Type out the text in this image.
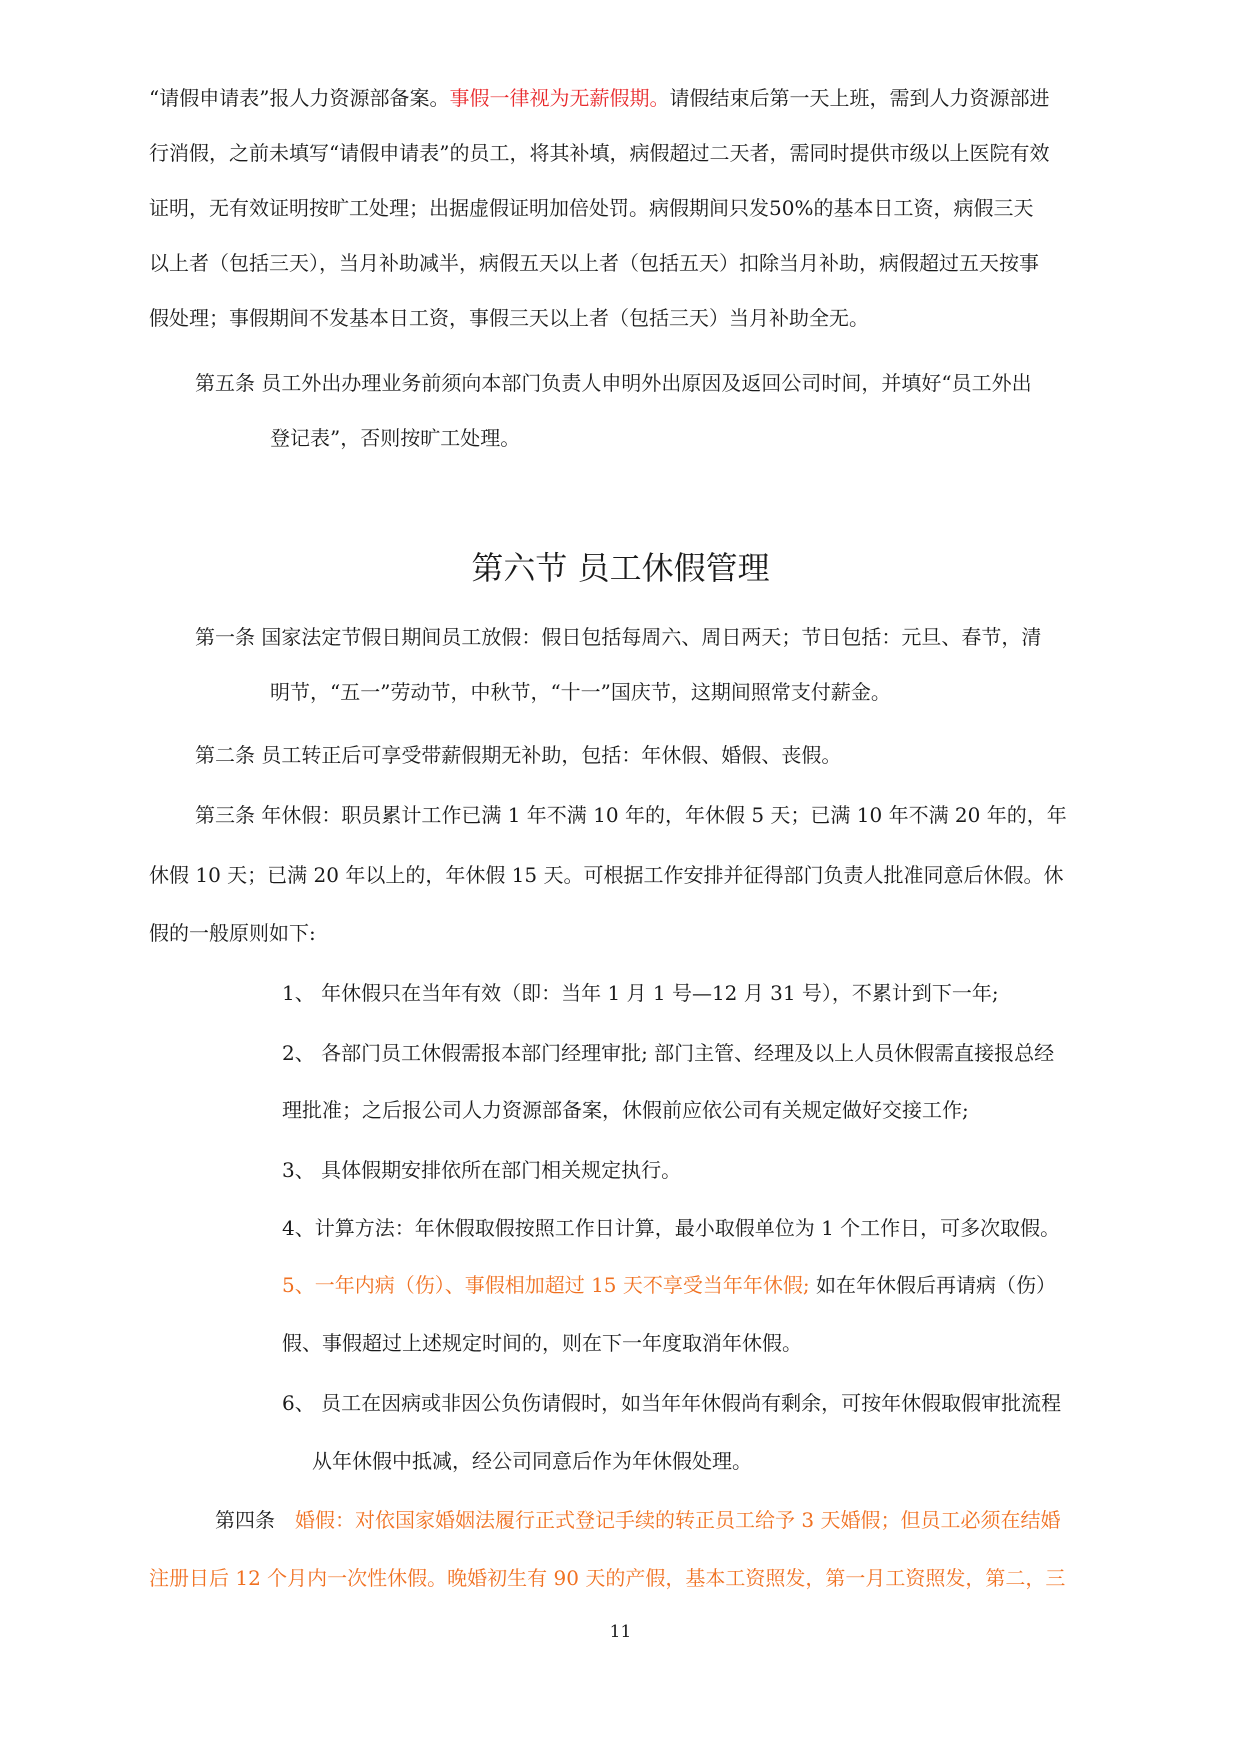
“请假申请表”报人力资源部备案。事假一律视为无薪假期。请假结束后第一天上班，需到人力资源部进
行消假，之前未填写“请假申请表”的员工，将其补填，病假超过二天者，需同时提供市级以上医院有效
证明，无有效证明按旷工处理；出据虚假证明加倍处罚。病假期间只发50%的基本日工资，病假三天
以上者（包括三天），当月补助减半，病假五天以上者（包括五天）扣除当月补助，病假超过五天按事
假处理；事假期间不发基本日工资，事假三天以上者（包括三天）当月补助全无。
第五条 员工外出办理业务前须向本部门负责人申明外出原因及返回公司时间，并填好“员工外出
登记表”，否则按旷工处理。
第六节 员工休假管理
第一条 国家法定节假日期间员工放假：假日包括每周六、周日两天；节日包括：元旦、春节，清
明节，“五一”劳动节，中秋节，“十一”国庆节，这期间照常支付薪金。
第二条 员工转正后可享受带薪假期无补助，包括：年休假、婚假、丧假。
第三条 年休假：职员累计工作已满 1 年不满 10 年的，年休假 5 天；已满 10 年不满 20 年的，年
休假 10 天；已满 20 年以上的，年休假 15 天。可根据工作安排并征得部门负责人批准同意后休假。休
假的一般原则如下:
1、 年休假只在当年有效（即：当年 1 月 1 号—12 月 31 号），不累计到下一年;
2、 各部门员工休假需报本部门经理审批; 部门主管、经理及以上人员休假需直接报总经
理批准；之后报公司人力资源部备案，休假前应依公司有关规定做好交接工作;
3、 具体假期安排依所在部门相关规定执行。
4、计算方法：年休假取假按照工作日计算，最小取假单位为 1 个工作日，可多次取假。
5、一年内病（伤）、事假相加超过 15 天不享受当年年休假; 如在年休假后再请病（伤）
假、事假超过上述规定时间的，则在下一年度取消年休假。
6、 员工在因病或非因公负伤请假时，如当年年休假尚有剩余，可按年休假取假审批流程
从年休假中抵减，经公司同意后作为年休假处理。
第四条 婚假：对依国家婚姻法履行正式登记手续的转正员工给予 3 天婚假；但员工必须在结婚
注册日后 12 个月内一次性休假。晚婚初生有 90 天的产假，基本工资照发，第一月工资照发，第二，三
11
